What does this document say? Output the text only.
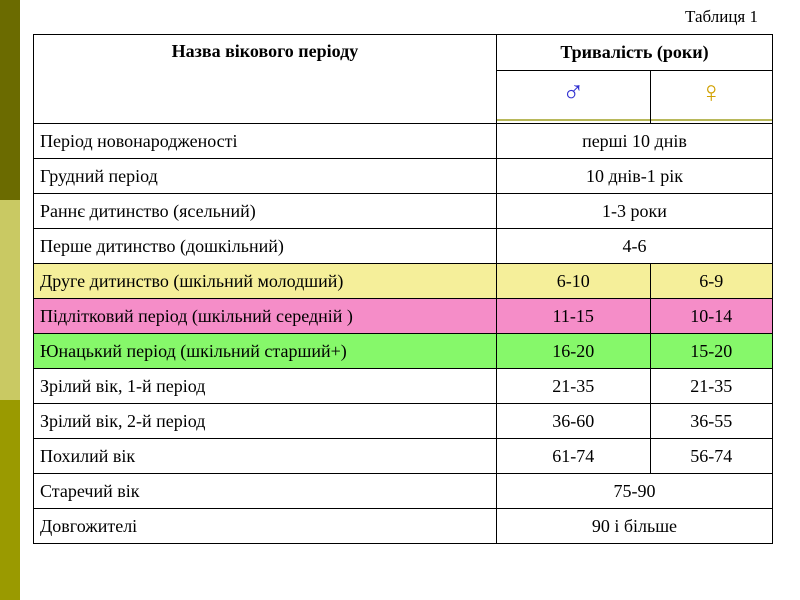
Таблиця 1
Назва вікового періоду	Тривалість (роки)	
	♂	♀

Період новонародженості	перші 10 днів	
Грудний період	10 днів-1 рік	
Раннє дитинство (ясельний)	1-3 роки	
Перше дитинство (дошкільний)	4-6	
Друге дитинство (шкільний молодший)	6-10	6-9
Підлітковий період (шкільний середній )	11-15	10-14
Юнацький період (шкільний старший+)	16-20	15-20
Зрілий вік, 1-й період	21-35	21-35
Зрілий вік, 2-й період	36-60	36-55
Похилий вік	61-74	56-74
Старечий вік	75-90	
Довгожителі	90 і більше	
